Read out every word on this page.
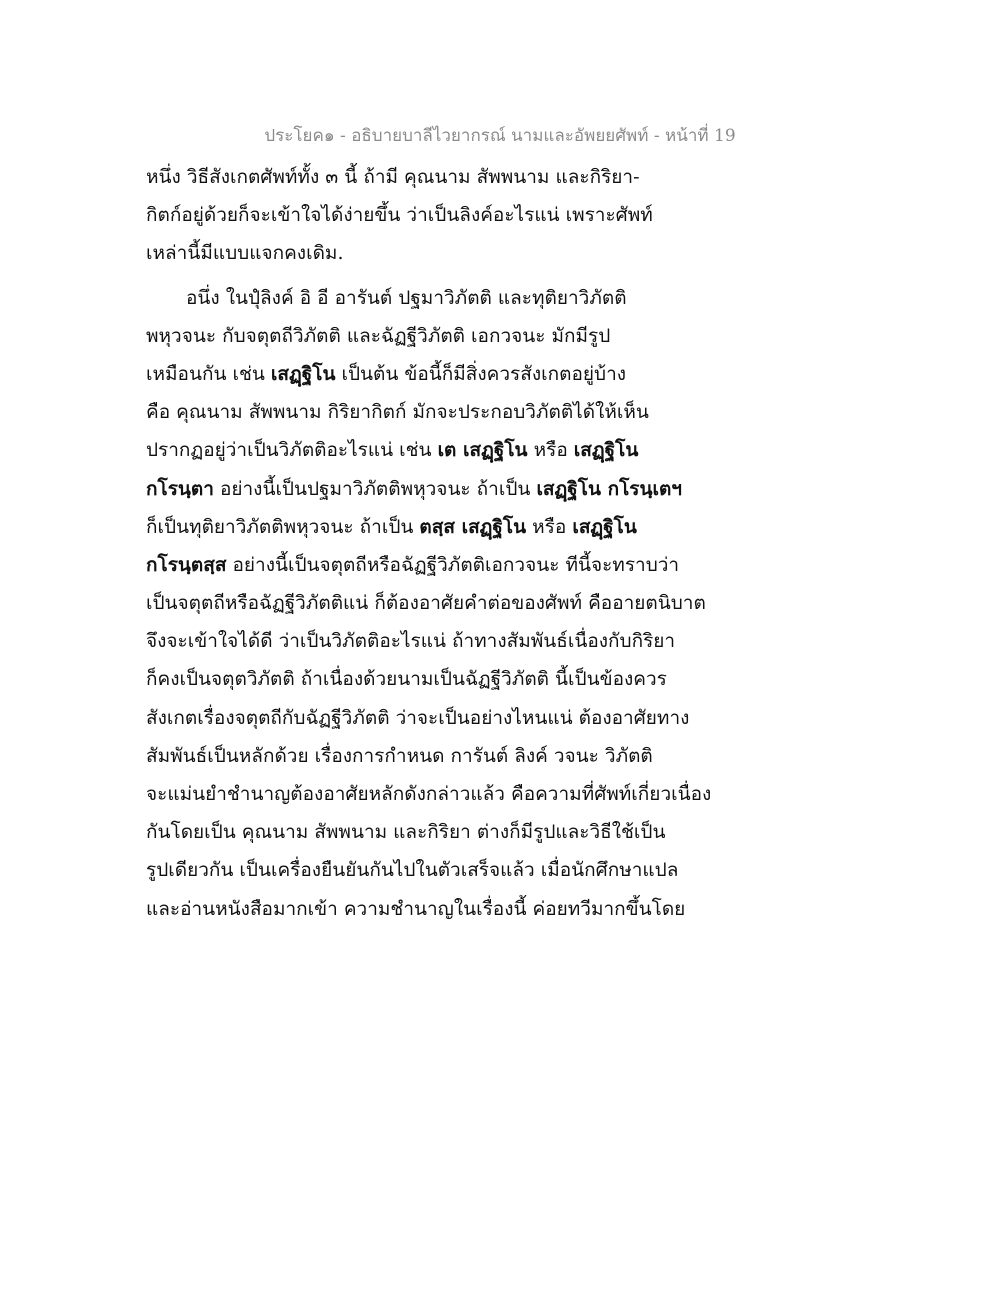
ประโยค๑ - อธิบายบาลีไวยากรณ์ นามและอัพยยศัพท์ - หน้าที่ 19
หนึ่ง วิธีสังเกตศัพท์ทั้ง ๓ นี้ ถ้ามี คุณนาม สัพพนาม และกิริยา-
กิตก์อยู่ด้วยก็จะเข้าใจได้ง่ายขึ้น ว่าเป็นลิงค์อะไรแน่ เพราะศัพท์
เหล่านี้มีแบบแจกคงเดิม.
อนึ่ง ในปุํลิงค์ อิ อี อารันต์ ปฐมาวิภัตติ และทุติยาวิภัตติ
พหุวจนะ กับจตุตถีวิภัตติ และฉัฏฐีวิภัตติ เอกวจนะ มักมีรูป
เหมือนกัน เช่น เสฏฺฐิโน เป็นต้น ข้อนี้ก็มีสิ่งควรสังเกตอยู่บ้าง
คือ คุณนาม สัพพนาม กิริยากิตก์ มักจะประกอบวิภัตติได้ให้เห็น
ปรากฏอยู่ว่าเป็นวิภัตติอะไรแน่ เช่น เต เสฏฺฐิโน หรือ เสฏฺฐิโน
กโรนฺตา อย่างนี้เป็นปฐมาวิภัตติพหุวจนะ ถ้าเป็น เสฏฺฐิโน กโรนฺเตฯ
ก็เป็นทุติยาวิภัตติพหุวจนะ ถ้าเป็น ตสฺส เสฏฺฐิโน หรือ เสฏฺฐิโน
กโรนฺตสฺส อย่างนี้เป็นจตุตถีหรือฉัฏฐีวิภัตติเอกวจนะ ทีนี้จะทราบว่า
เป็นจตุตถีหรือฉัฏฐีวิภัตติแน่ ก็ต้องอาศัยคำต่อของศัพท์ คืออายตนิบาต
จึงจะเข้าใจได้ดี ว่าเป็นวิภัตติอะไรแน่ ถ้าทางสัมพันธ์เนื่องกับกิริยา
ก็คงเป็นจตุตวิภัตติ ถ้าเนื่องด้วยนามเป็นฉัฏฐีวิภัตติ นี้เป็นข้องควร
สังเกตเรื่องจตุตถีกับฉัฏฐีวิภัตติ ว่าจะเป็นอย่างไหนแน่ ต้องอาศัยทาง
สัมพันธ์เป็นหลักด้วย เรื่องการกำหนด การันต์ ลิงค์ วจนะ วิภัตติ
จะแม่นยำชำนาญต้องอาศัยหลักดังกล่าวแล้ว คือความที่ศัพท์เกี่ยวเนื่อง
กันโดยเป็น คุณนาม สัพพนาม และกิริยา ต่างก็มีรูปและวิธีใช้เป็น
รูปเดียวกัน เป็นเครื่องยืนยันกันไปในตัวเสร็จแล้ว เมื่อนักศึกษาแปล
และอ่านหนังสือมากเข้า ความชำนาญในเรื่องนี้ ค่อยทวีมากขึ้นโดย
